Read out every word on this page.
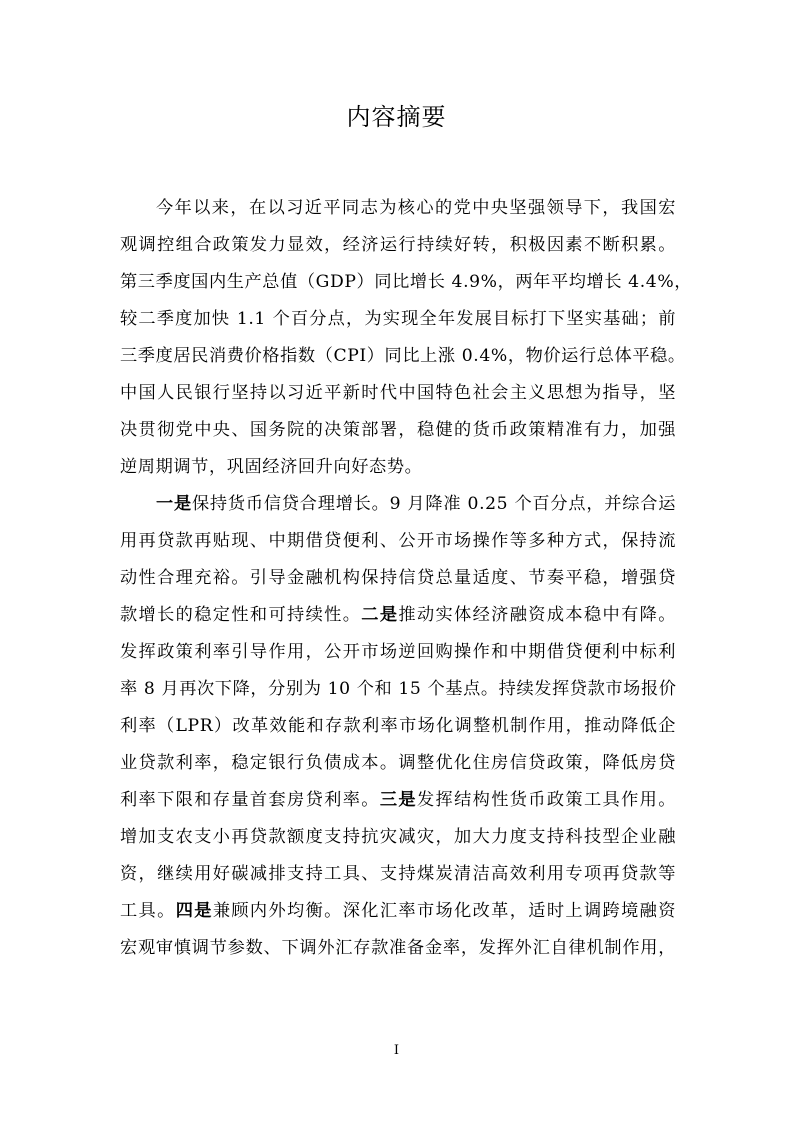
内容摘要
今年以来，在以习近平同志为核心的党中央坚强领导下，我国宏
观调控组合政策发力显效，经济运行持续好转，积极因素不断积累。
第三季度国内生产总值（GDP）同比增长 4.9%，两年平均增长 4.4%，
较二季度加快 1.1 个百分点，为实现全年发展目标打下坚实基础；前
三季度居民消费价格指数（CPI）同比上涨 0.4%，物价运行总体平稳。
中国人民银行坚持以习近平新时代中国特色社会主义思想为指导，坚
决贯彻党中央、国务院的决策部署，稳健的货币政策精准有力，加强
逆周期调节，巩固经济回升向好态势。
一是保持货币信贷合理增长。9 月降准 0.25 个百分点，并综合运
用再贷款再贴现、中期借贷便利、公开市场操作等多种方式，保持流
动性合理充裕。引导金融机构保持信贷总量适度、节奏平稳，增强贷
款增长的稳定性和可持续性。二是推动实体经济融资成本稳中有降。
发挥政策利率引导作用，公开市场逆回购操作和中期借贷便利中标利
率 8 月再次下降，分别为 10 个和 15 个基点。持续发挥贷款市场报价
利率（LPR）改革效能和存款利率市场化调整机制作用，推动降低企
业贷款利率，稳定银行负债成本。调整优化住房信贷政策，降低房贷
利率下限和存量首套房贷利率。三是发挥结构性货币政策工具作用。
增加支农支小再贷款额度支持抗灾减灾，加大力度支持科技型企业融
资，继续用好碳减排支持工具、支持煤炭清洁高效利用专项再贷款等
工具。四是兼顾内外均衡。深化汇率市场化改革，适时上调跨境融资
宏观审慎调节参数、下调外汇存款准备金率，发挥外汇自律机制作用，
I
